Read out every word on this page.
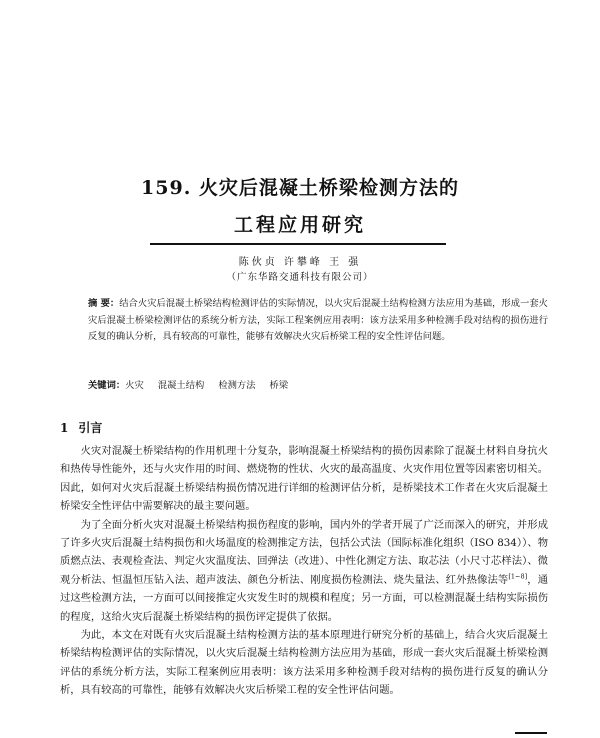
159. 火灾后混凝土桥梁检测方法的
工程应用研究
陈伙贞 许攀峰 王 强
（广东华路交通科技有限公司）
摘 要：结合火灾后混凝土桥梁结构检测评估的实际情况，以火灾后混凝土结构检测方法应用为基础，形成一套火灾后混凝土桥梁检测评估的系统分析方法，实际工程案例应用表明：该方法采用多种检测手段对结构的损伤进行反复的确认分析，具有较高的可靠性，能够有效解决火灾后桥梁工程的安全性评估问题。
关键词：火灾 混凝土结构 检测方法 桥梁
1 引言

火灾对混凝土桥梁结构的作用机理十分复杂，影响混凝土桥梁结构的损伤因素除了混凝土材料自身抗火和热传导性能外，还与火灾作用的时间、燃烧物的性状、火灾的最高温度、火灾作用位置等因素密切相关。因此，如何对火灾后混凝土桥梁结构损伤情况进行详细的检测评估分析，是桥梁技术工作者在火灾后混凝土桥梁安全性评估中需要解决的最主要问题。

为了全面分析火灾对混凝土桥梁结构损伤程度的影响，国内外的学者开展了广泛而深入的研究，并形成了许多火灾后混凝土结构损伤和火场温度的检测推定方法，包括公式法（国际标准化组织（ISO 834））、物质燃点法、表观检查法、判定火灾温度法、回弹法（改进）、中性化测定方法、取芯法（小尺寸芯样法）、微观分析法、恒温恒压钻入法、超声波法、颜色分析法、刚度损伤检测法、烧失量法、红外热像法等[1~8]，通过这些检测方法，一方面可以间接推定火灾发生时的规模和程度；另一方面，可以检测混凝土结构实际损伤的程度，这给火灾后混凝土桥梁结构的损伤评定提供了依据。

为此，本文在对既有火灾后混凝土结构检测方法的基本原理进行研究分析的基础上，结合火灾后混凝土桥梁结构检测评估的实际情况，以火灾后混凝土结构检测方法应用为基础，形成一套火灾后混凝土桥梁检测评估的系统分析方法，实际工程案例应用表明：该方法采用多种检测手段对结构的损伤进行反复的确认分析，具有较高的可靠性，能够有效解决火灾后桥梁工程的安全性评估问题。
